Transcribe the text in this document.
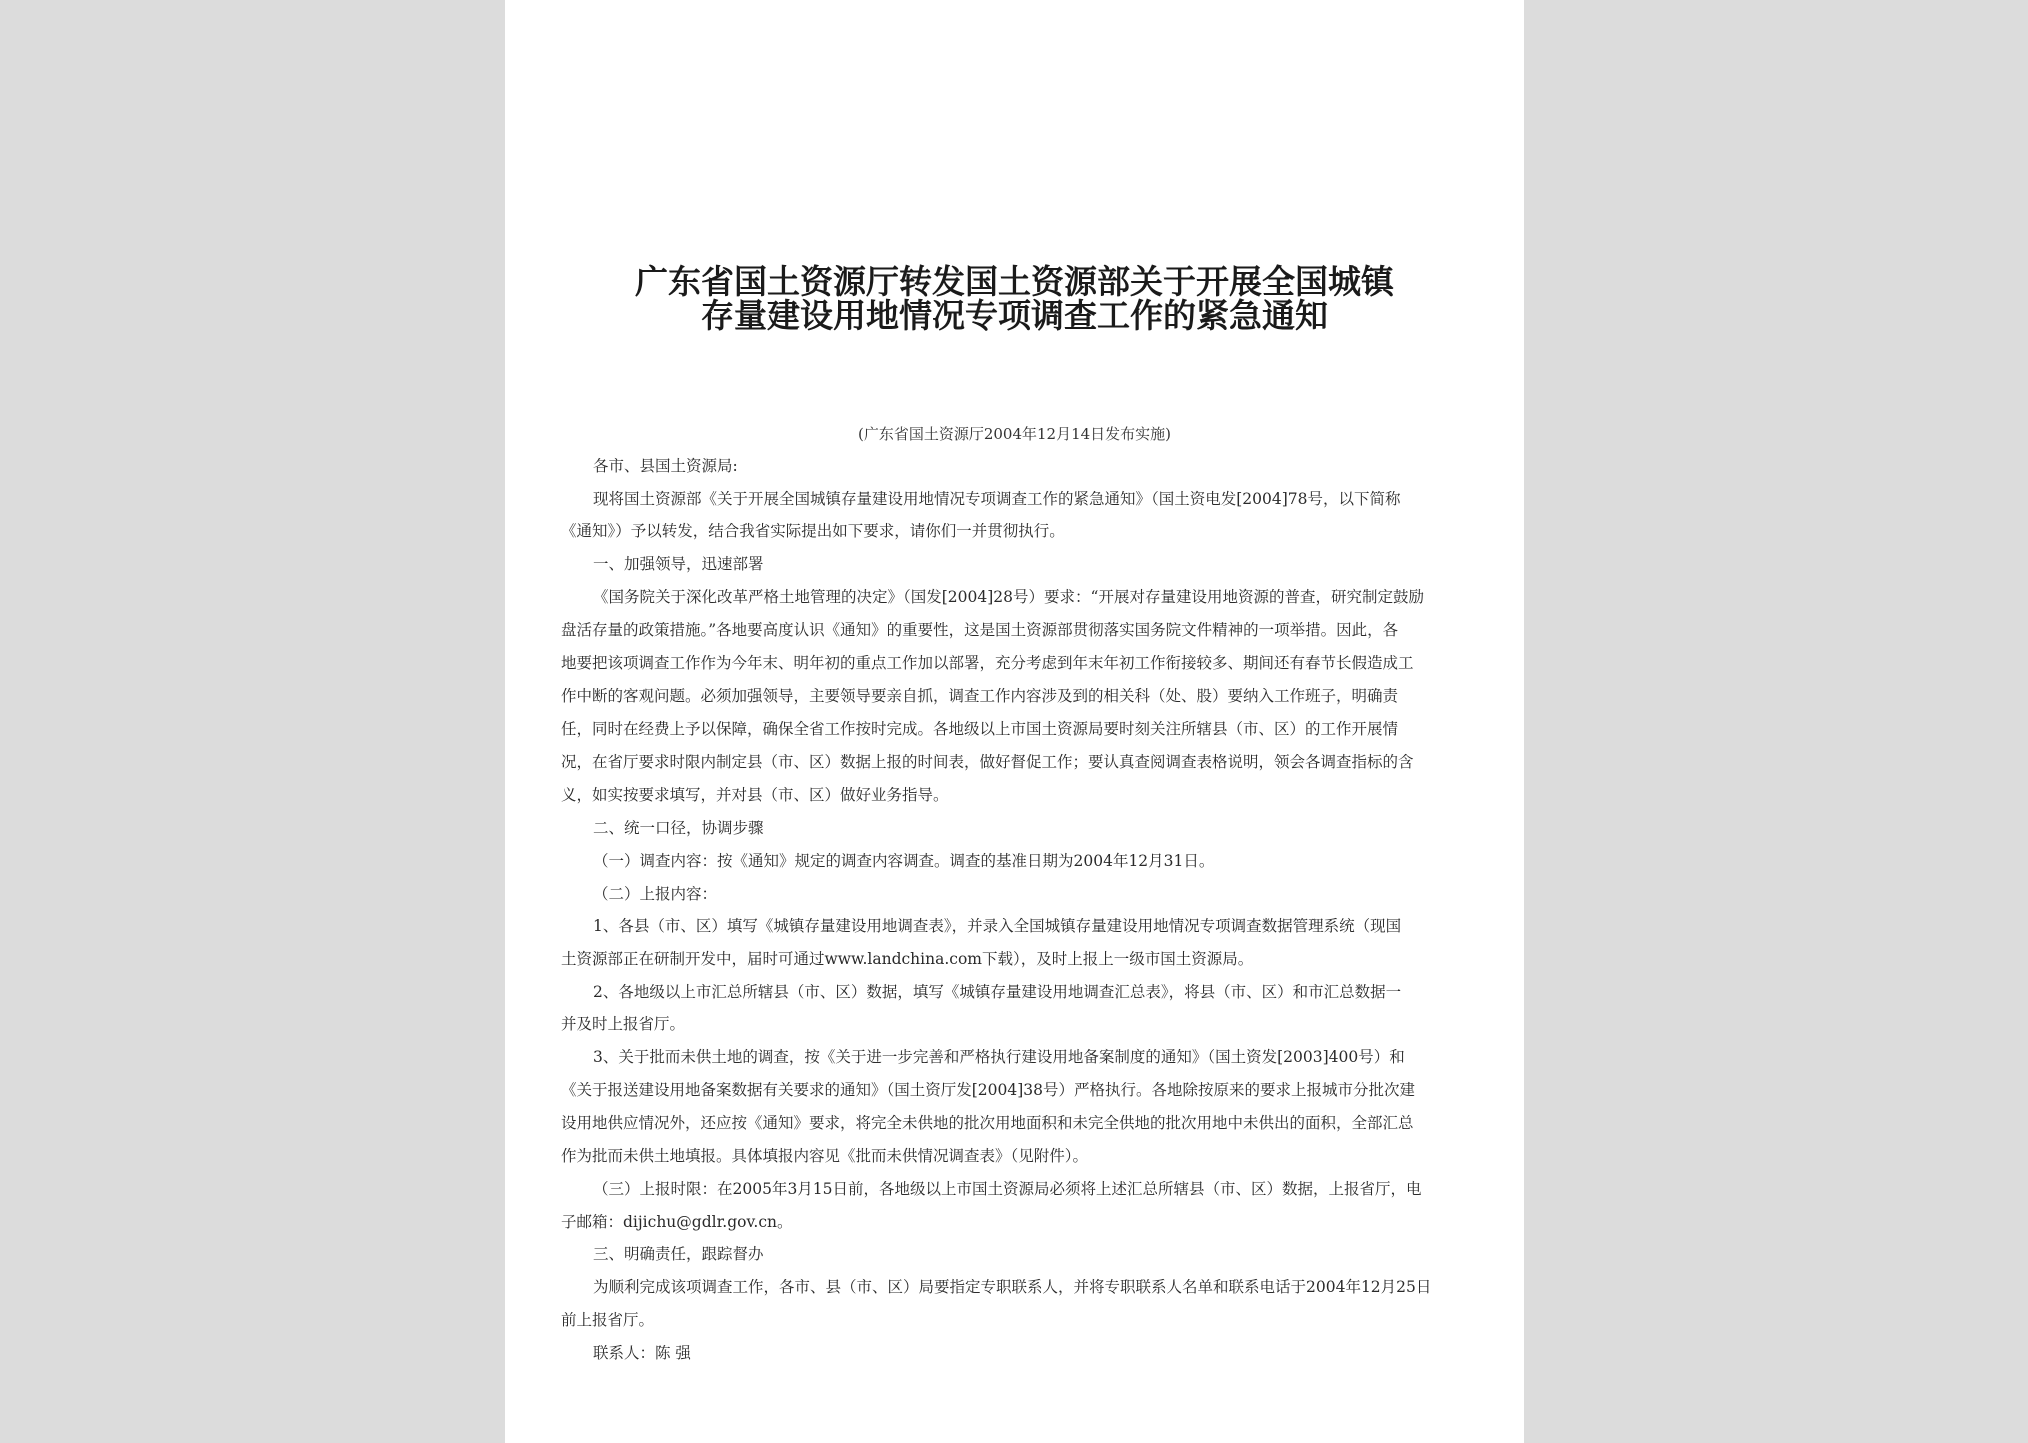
广东省国土资源厅转发国土资源部关于开展全国城镇
存量建设用地情况专项调查工作的紧急通知
(广东省国土资源厅2004年12月14日发布实施)
各市、县国土资源局:
现将国土资源部《关于开展全国城镇存量建设用地情况专项调查工作的紧急通知》（国土资电发[2004]78号，以下简称
《通知》）予以转发，结合我省实际提出如下要求，请你们一并贯彻执行。
一、加强领导，迅速部署
《国务院关于深化改革严格土地管理的决定》（国发[2004]28号）要求：“开展对存量建设用地资源的普查，研究制定鼓励
盘活存量的政策措施。”各地要高度认识《通知》的重要性，这是国土资源部贯彻落实国务院文件精神的一项举措。因此，各
地要把该项调查工作作为今年末、明年初的重点工作加以部署，充分考虑到年末年初工作衔接较多、期间还有春节长假造成工
作中断的客观问题。必须加强领导，主要领导要亲自抓，调查工作内容涉及到的相关科（处、股）要纳入工作班子，明确责
任，同时在经费上予以保障，确保全省工作按时完成。各地级以上市国土资源局要时刻关注所辖县（市、区）的工作开展情
况，在省厅要求时限内制定县（市、区）数据上报的时间表，做好督促工作；要认真查阅调查表格说明，领会各调查指标的含
义，如实按要求填写，并对县（市、区）做好业务指导。
二、统一口径，协调步骤
（一）调查内容：按《通知》规定的调查内容调查。调查的基准日期为2004年12月31日。
（二）上报内容：
1、各县（市、区）填写《城镇存量建设用地调查表》，并录入全国城镇存量建设用地情况专项调查数据管理系统（现国
土资源部正在研制开发中，届时可通过www.landchina.com下载），及时上报上一级市国土资源局。
2、各地级以上市汇总所辖县（市、区）数据，填写《城镇存量建设用地调查汇总表》，将县（市、区）和市汇总数据一
并及时上报省厅。
3、关于批而未供土地的调查，按《关于进一步完善和严格执行建设用地备案制度的通知》（国土资发[2003]400号）和
《关于报送建设用地备案数据有关要求的通知》（国土资厅发[2004]38号）严格执行。各地除按原来的要求上报城市分批次建
设用地供应情况外，还应按《通知》要求，将完全未供地的批次用地面积和未完全供地的批次用地中未供出的面积，全部汇总
作为批而未供土地填报。具体填报内容见《批而未供情况调查表》（见附件）。
（三）上报时限：在2005年3月15日前，各地级以上市国土资源局必须将上述汇总所辖县（市、区）数据，上报省厅，电
子邮箱：dijichu@gdlr.gov.cn。
三、明确责任，跟踪督办
为顺利完成该项调查工作，各市、县（市、区）局要指定专职联系人，并将专职联系人名单和联系电话于2004年12月25日
前上报省厅。
联系人：陈 强
